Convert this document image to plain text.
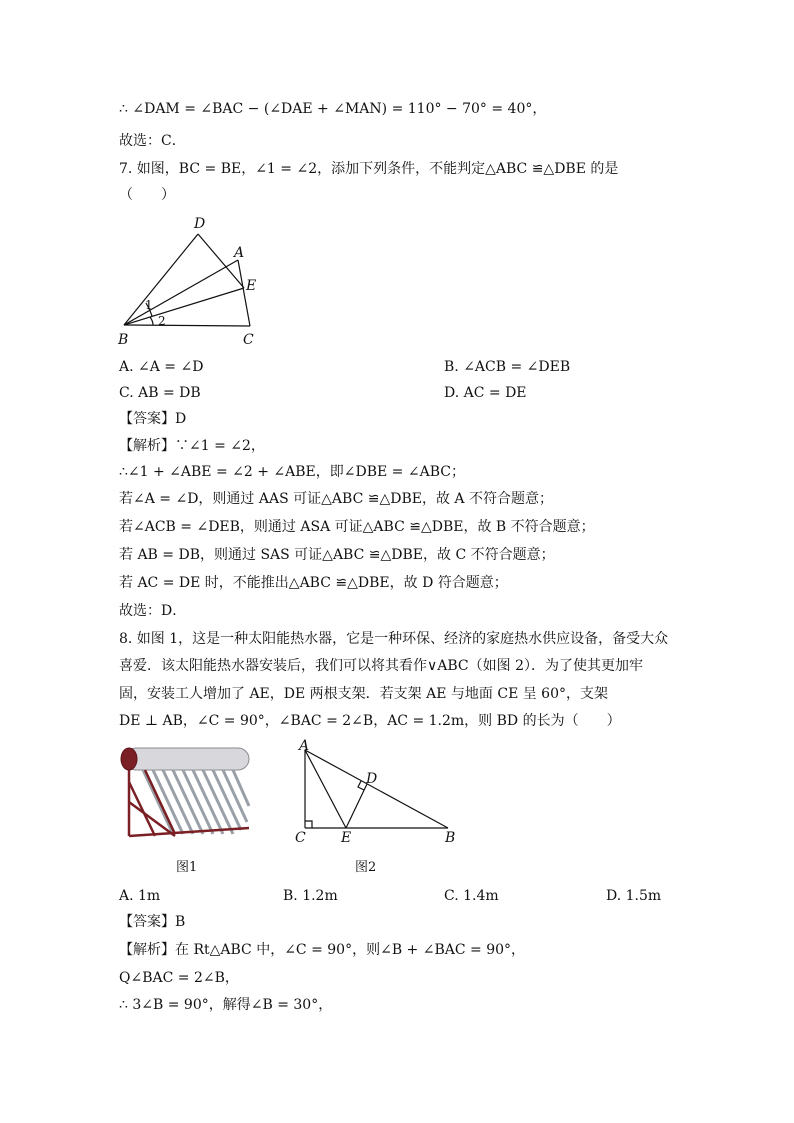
∴ ∠DAM = ∠BAC − (∠DAE + ∠MAN) = 110° − 70° = 40°，
故选：C．
7. 如图，BC = BE，∠1 = ∠2，添加下列条件，不能判定△ABC ≌△DBE 的是
（　　）
D
A
E
B	C
1
2
A. ∠A = ∠D	B. ∠ACB = ∠DEB
C. AB = DB	D. AC = DE
【答案】D
【解析】∵∠1 = ∠2，
∴∠1 + ∠ABE = ∠2 + ∠ABE，即∠DBE = ∠ABC；
若∠A = ∠D，则通过 AAS 可证△ABC ≌△DBE，故 A 不符合题意；
若∠ACB = ∠DEB，则通过 ASA 可证△ABC ≌△DBE，故 B 不符合题意；
若 AB = DB，则通过 SAS 可证△ABC ≌△DBE，故 C 不符合题意；
若 AC = DE 时，不能推出△ABC ≌△DBE，故 D 符合题意；
故选：D．
8. 如图 1，这是一种太阳能热水器，它是一种环保、经济的家庭热水供应设备，备受大众
喜爱．该太阳能热水器安装后，我们可以将其看作∨ABC（如图 2）．为了使其更加牢
固，安装工人增加了 AE，DE 两根支架．若支架 AE 与地面 CE 呈 60°，支架
DE ⊥ AB，∠C = 90°，∠BAC = 2∠B，AC = 1.2m，则 BD 的长为（　　）
A
D
C	E	B
图1	图2
A. 1m	B. 1.2m	C. 1.4m	D. 1.5m
【答案】B
【解析】在 Rt△ABC 中，∠C = 90°，则∠B + ∠BAC = 90°，
Q∠BAC = 2∠B，
∴ 3∠B = 90°，解得∠B = 30°，
